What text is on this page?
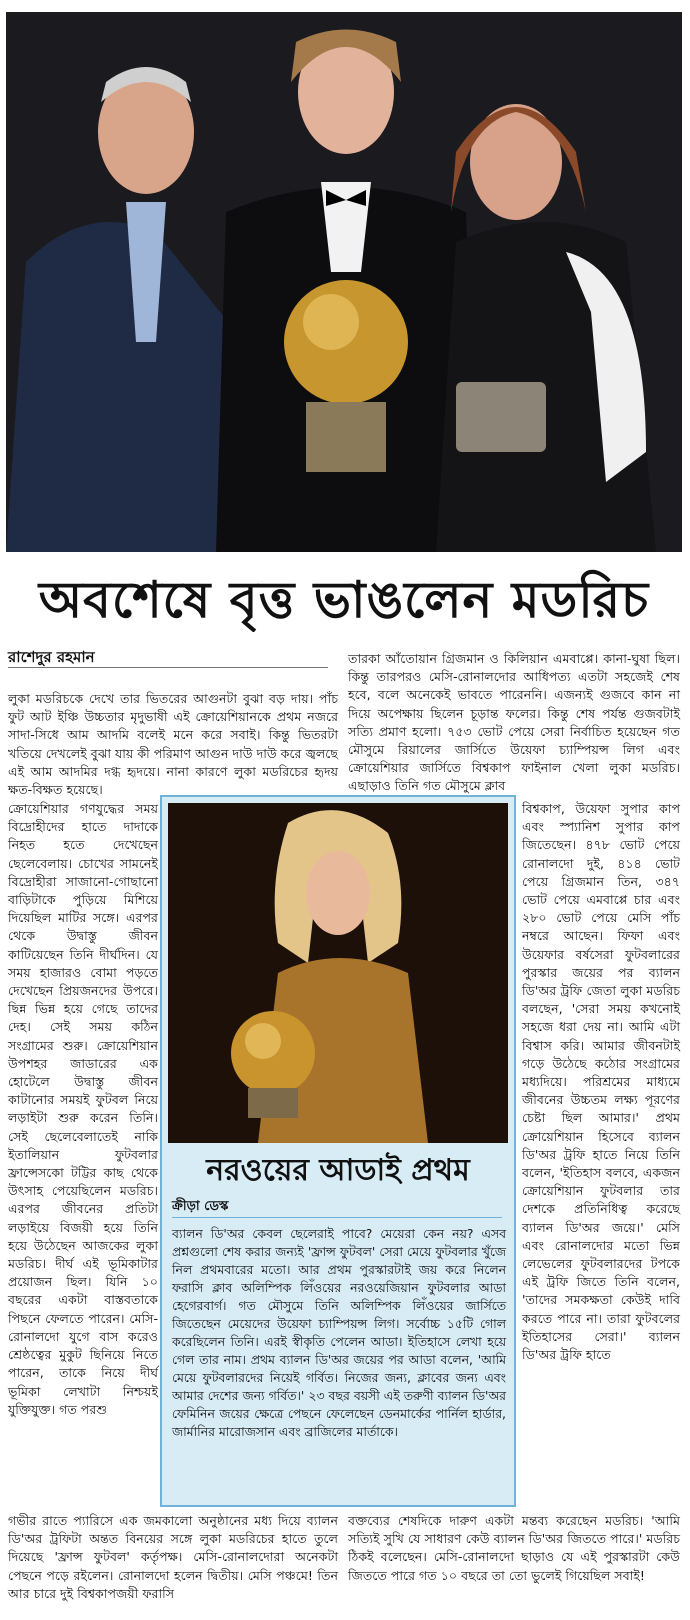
অবশেষে বৃত্ত ভাঙলেন মডরিচ
রাশেদুর রহমান

লুকা মডরিচকে দেখে তার ভিতরের আগুনটা বুঝা বড় দায়। পাঁচ ফুট আট ইঞ্চি উচ্চতার মৃদুভাষী এই ক্রোয়েশিয়ানকে প্রথম নজরে সাদা-সিধে আম আদমি বলেই মনে করে সবাই। কিন্তু ভিতরটা খতিয়ে দেখলেই বুঝা যায় কী পরিমাণ আগুন দাউ দাউ করে জ্বলছে এই আম আদমির দগ্ধ হৃদয়ে। নানা কারণে লুকা মডরিচের হৃদয় ক্ষত-বিক্ষত হয়েছে।

তারকা আঁতোয়ান গ্রিজমান ও কিলিয়ান এমবাপ্পে। কানা-ঘুষা ছিল। কিন্তু তারপরও মেসি-রোনালদোর আধিপত্য এতটা সহজেই শেষ হবে, বলে অনেকেই ভাবতে পারেননি। এজন্যই গুজবে কান না দিয়ে অপেক্ষায় ছিলেন চূড়ান্ত ফলের। কিন্তু শেষ পর্যন্ত গুজবটাই সত্যি প্রমাণ হলো। ৭৫৩ ভোট পেয়ে সেরা নির্বাচিত হয়েছেন গত মৌসুমে রিয়ালের জার্সিতে উয়েফা চ্যাম্পিয়ন্স লিগ এবং ক্রোয়েশিয়ার জার্সিতে বিশ্বকাপ ফাইনাল খেলা লুকা মডরিচ। এছাড়াও তিনি গত মৌসুমে ক্লাব

ক্রোয়েশিয়ার গণযুদ্ধের সময় বিদ্রোহীদের হাতে দাদাকে নিহত হতে দেখেছেন ছেলেবেলায়। চোখের সামনেই বিদ্রোহীরা সাজানো-গোছানো বাড়িটাকে পুড়িয়ে মিশিয়ে দিয়েছিল মাটির সঙ্গে। এরপর থেকে উদ্বাস্তু জীবন কাটিয়েছেন তিনি দীর্ঘদিন। যে সময় হাজারও বোমা পড়তে দেখেছেন প্রিয়জনদের উপরে। ছিন্ন ভিন্ন হয়ে গেছে তাদের দেহ। সেই সময় কঠিন সংগ্রামের শুরু। ক্রোয়েশিয়ান উপশহর জাডারের এক হোটেলে উদ্বাস্তু জীবন কাটানোর সময়ই ফুটবল নিয়ে লড়াইটা শুরু করেন তিনি। সেই ছেলেবেলাতেই নাকি ইতালিয়ান ফুটবলার ফ্রান্সেসকো টট্টির কাছ থেকে উৎসাহ পেয়েছিলেন মডরিচ। এরপর জীবনের প্রতিটা লড়াইয়ে বিজয়ী হয়ে তিনি হয়ে উঠেছেন আজকের লুকা মডরিচ। দীর্ঘ এই ভূমিকাটার প্রয়োজন ছিল। যিনি ১০ বছরের একটা বাস্তবতাকে পিছনে ফেলতে পারেন। মেসি-রোনালদো যুগে বাস করেও শ্রেষ্ঠত্বের মুকুট ছিনিয়ে নিতে পারেন, তাকে নিয়ে দীর্ঘ ভূমিকা লেখাটা নিশ্চয়ই যুক্তিযুক্ত। গত পরশু

বিশ্বকাপ, উয়েফা সুপার কাপ এবং স্প্যানিশ সুপার কাপ জিতেছেন। ৪৭৮ ভোট পেয়ে রোনালদো দুই, ৪১৪ ভোট পেয়ে গ্রিজমান তিন, ৩৪৭ ভোট পেয়ে এমবাপ্পে চার এবং ২৮০ ভোট পেয়ে মেসি পাঁচ নম্বরে আছেন। ফিফা এবং উয়েফার বর্ষসেরা ফুটবলারের পুরস্কার জয়ের পর ব্যালন ডি'অর ট্রফি জেতা লুকা মডরিচ বলছেন, 'সেরা সময় কখনোই সহজে ধরা দেয় না। আমি এটা বিশ্বাস করি। আমার জীবনটাই গড়ে উঠেছে কঠোর সংগ্রামের মধ্যদিয়ে। পরিশ্রমের মাধ্যমে জীবনের উচ্চতম লক্ষ্য পূরণের চেষ্টা ছিল আমার।' প্রথম ক্রোয়েশিয়ান হিসেবে ব্যালন ডি'অর ট্রফি হাতে নিয়ে তিনি বলেন, 'ইতিহাস বলবে, একজন ক্রোয়েশিয়ান ফুটবলার তার দেশকে প্রতিনিধিত্ব করেছে ব্যালন ডি'অর জয়ে।' মেসি এবং রোনালদোর মতো ভিন্ন লেভেলের ফুটবলারদের টপকে এই ট্রফি জিতে তিনি বলেন, 'তাদের সমকক্ষতা কেউই দাবি করতে পারে না। তারা ফুটবলের ইতিহাসের সেরা।' ব্যালন ডি'অর ট্রফি হাতে

নরওয়ের আডাই প্রথম
ক্রীড়া ডেস্ক
ব্যালন ডি'অর কেবল ছেলেরাই পাবে? মেয়েরা কেন নয়? এসব প্রশ্নগুলো শেষ করার জন্যই 'ফ্রান্স ফুটবল' সেরা মেয়ে ফুটবলার খুঁজে নিল প্রথমবারের মতো। আর প্রথম পুরস্কারটাই জয় করে নিলেন ফরাসি ক্লাব অলিম্পিক লিঁওয়ের নরওয়েজিয়ান ফুটবলার আডা হেগেরবার্গ। গত মৌসুমে তিনি অলিম্পিক লিঁওয়ের জার্সিতে জিতেছেন মেয়েদের উয়েফা চ্যাম্পিয়ন্স লিগ। সর্বোচ্চ ১৫টি গোল করেছিলেন তিনি। এরই স্বীকৃতি পেলেন আডা। ইতিহাসে লেখা হয়ে গেল তার নাম। প্রথম ব্যালন ডি'অর জয়ের পর আডা বলেন, 'আমি মেয়ে ফুটবলারদের নিয়েই গর্বিত। নিজের জন্য, ক্লাবের জন্য এবং আমার দেশের জন্য গর্বিত।' ২৩ বছর বয়সী এই তরুণী ব্যালন ডি'অর ফেমিনিন জয়ের ক্ষেত্রে পেছনে ফেলেছেন ডেনমার্কের পার্নিল হার্ডার, জার্মানির মারোজসান এবং ব্রাজিলের মার্তাকে।

গভীর রাতে প্যারিসে এক জমকালো অনুষ্ঠানের মধ্য দিয়ে ব্যালন ডি'অর ট্রফিটা অন্তত বিনয়ের সঙ্গে লুকা মডরিচের হাতে তুলে দিয়েছে 'ফ্রান্স ফুটবল' কর্তৃপক্ষ। মেসি-রোনালদোরা অনেকটা পেছনে পড়ে রইলেন। রোনালদো হলেন দ্বিতীয়। মেসি পঞ্চমে! তিন আর চারে দুই বিশ্বকাপজয়ী ফরাসি

বক্তব্যের শেষদিকে দারুণ একটা মন্তব্য করেছেন মডরিচ। 'আমি সত্যিই সুখি যে সাধারণ কেউ ব্যালন ডি'অর জিততে পারে।' মডরিচ ঠিকই বলেছেন। মেসি-রোনালদো ছাড়াও যে এই পুরস্কারটা কেউ জিততে পারে গত ১০ বছরে তা তো ভুলেই গিয়েছিল সবাই!
